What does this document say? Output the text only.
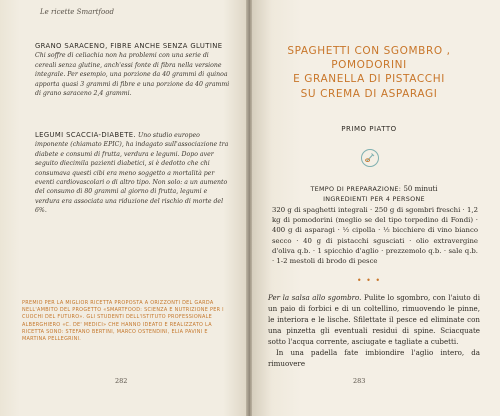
Le ricette Smartfood
GRANO SARACENO, FIBRE ANCHE SENZA GLUTINE
Chi soffre di celiachia non ha problemi con una serie di cereali senza glutine, anch'essi fonte di fibra nella versione integrale. Per esempio, una porzione da 40 grammi di quinoa apporta quasi 3 grammi di fibre e una porzione da 40 grammi di grano saraceno 2,4 grammi.
LEGUMI SCACCIA-DIABETE. Uno studio europeo imponente (chiamato EPIC), ha indagato sull'associazione tra diabete e consumi di frutta, verdura e legumi. Dopo aver seguito diecimila pazienti diabetici, si è dedotto che chi consumava questi cibi era meno soggetto a mortalità per eventi cardiovascolari o di altro tipo. Non solo: a un aumento del consumo di 80 grammi al giorno di frutta, legumi e verdura era associata una riduzione del rischio di morte del 6%.
PREMIO PER LA MIGLIOR RICETTA PROPOSTA A ORIZZONTI DEL GARDA NELL'AMBITO DEL PROGETTO «SMARTFOOD: SCIENZA E NUTRIZIONE PER I CUOCHI DEL FUTURO». GLI STUDENTI DELL'ISTITUTO PROFESSIONALE ALBERGHIERO «C. DE' MEDICI» CHE HANNO IDEATO E REALIZZATO LA RICETTA SONO: STEFANO BERTINI, MARCO OSTENDINI, ELIA PAVINI E MARTINA PELLEGRINI.
282
SPAGHETTI CON SGOMBRO ,
POMODORINI
E GRANELLA DI PISTACCHI
SU CREMA DI ASPARAGI
PRIMO PIATTO
TEMPO DI PREPARAZIONE: 50 minuti
INGREDIENTI PER 4 PERSONE
320 g di spaghetti integrali · 250 g di sgombri freschi · 1,2 kg di pomodorini (meglio se del tipo torpedino di Fondi) · 400 g di asparagi · ½ cipolla · ½ bicchiere di vino bianco secco · 40 g di pistacchi sgusciati · olio extravergine d'oliva q.b. · 1 spicchio d'aglio · prezzemolo q.b. · sale q.b. · 1-2 mestoli di brodo di pesce
• • •

Per la salsa allo sgombro. Pulite lo sgombro, con l'aiuto di un paio di forbici e di un coltellino, rimuovendo le pinne, le interiora e le lische. Sfilettate il pesce ed eliminate con una pinzetta gli eventuali residui di spine. Sciacquate sotto l'acqua corrente, asciugate e tagliate a cubetti.

In una padella fate imbiondire l'aglio intero, da rimuovere

283
